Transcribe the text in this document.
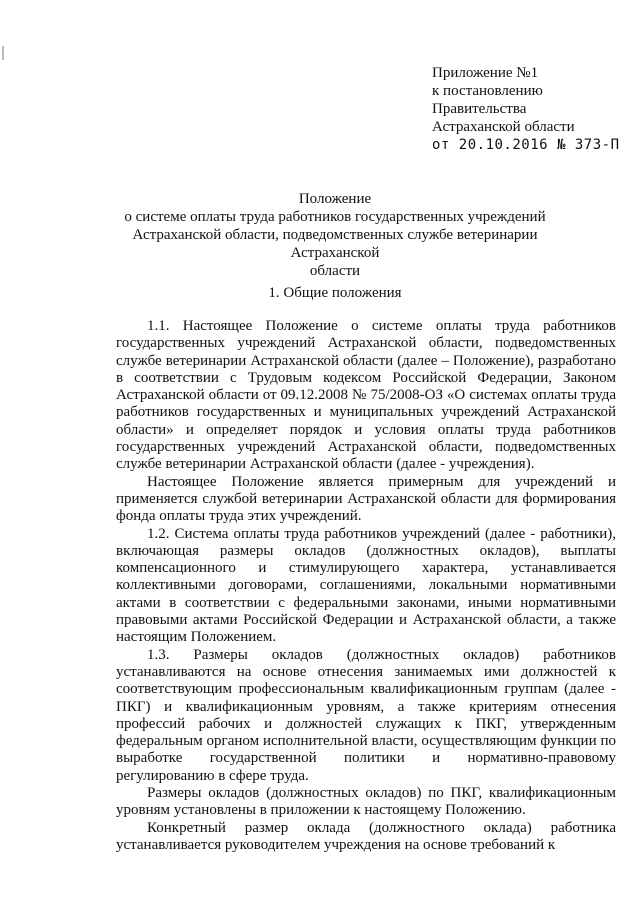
Приложение №1
к постановлению
Правительства
Астраханской области
от 20.10.2016 № 373-П
Положение
о системе оплаты труда работников государственных учреждений
Астраханской области, подведомственных службе ветеринарии Астраханской
области
1. Общие положения

1.1. Настоящее Положение о системе оплаты труда работников государственных учреждений Астраханской области, подведомственных службе ветеринарии Астраханской области (далее – Положение), разработано в соответствии с Трудовым кодексом Российской Федерации, Законом Астраханской области от 09.12.2008 № 75/2008-ОЗ «О системах оплаты труда работников государственных и муниципальных учреждений Астраханской области» и определяет порядок и условия оплаты труда работников государственных учреждений Астраханской области, подведомственных службе ветеринарии Астраханской области (далее - учреждения).

Настоящее Положение является примерным для учреждений и применяется службой ветеринарии Астраханской области для формирования фонда оплаты труда этих учреждений.

1.2. Система оплаты труда работников учреждений (далее - работники), включающая размеры окладов (должностных окладов), выплаты компенсационного и стимулирующего характера, устанавливается коллективными договорами, соглашениями, локальными нормативными актами в соответствии с федеральными законами, иными нормативными правовыми актами Российской Федерации и Астраханской области, а также настоящим Положением.

1.3. Размеры окладов (должностных окладов) работников устанавливаются на основе отнесения занимаемых ими должностей к соответствующим профессиональным квалификационным группам (далее - ПКГ) и квалификационным уровням, а также критериям отнесения профессий рабочих и должностей служащих к ПКГ, утвержденным федеральным органом исполнительной власти, осуществляющим функции по выработке государственной политики и нормативно-правовому регулированию в сфере труда.

Размеры окладов (должностных окладов) по ПКГ, квалификационным уровням установлены в приложении к настоящему Положению.

Конкретный размер оклада (должностного оклада) работника устанавливается руководителем учреждения на основе требований к
